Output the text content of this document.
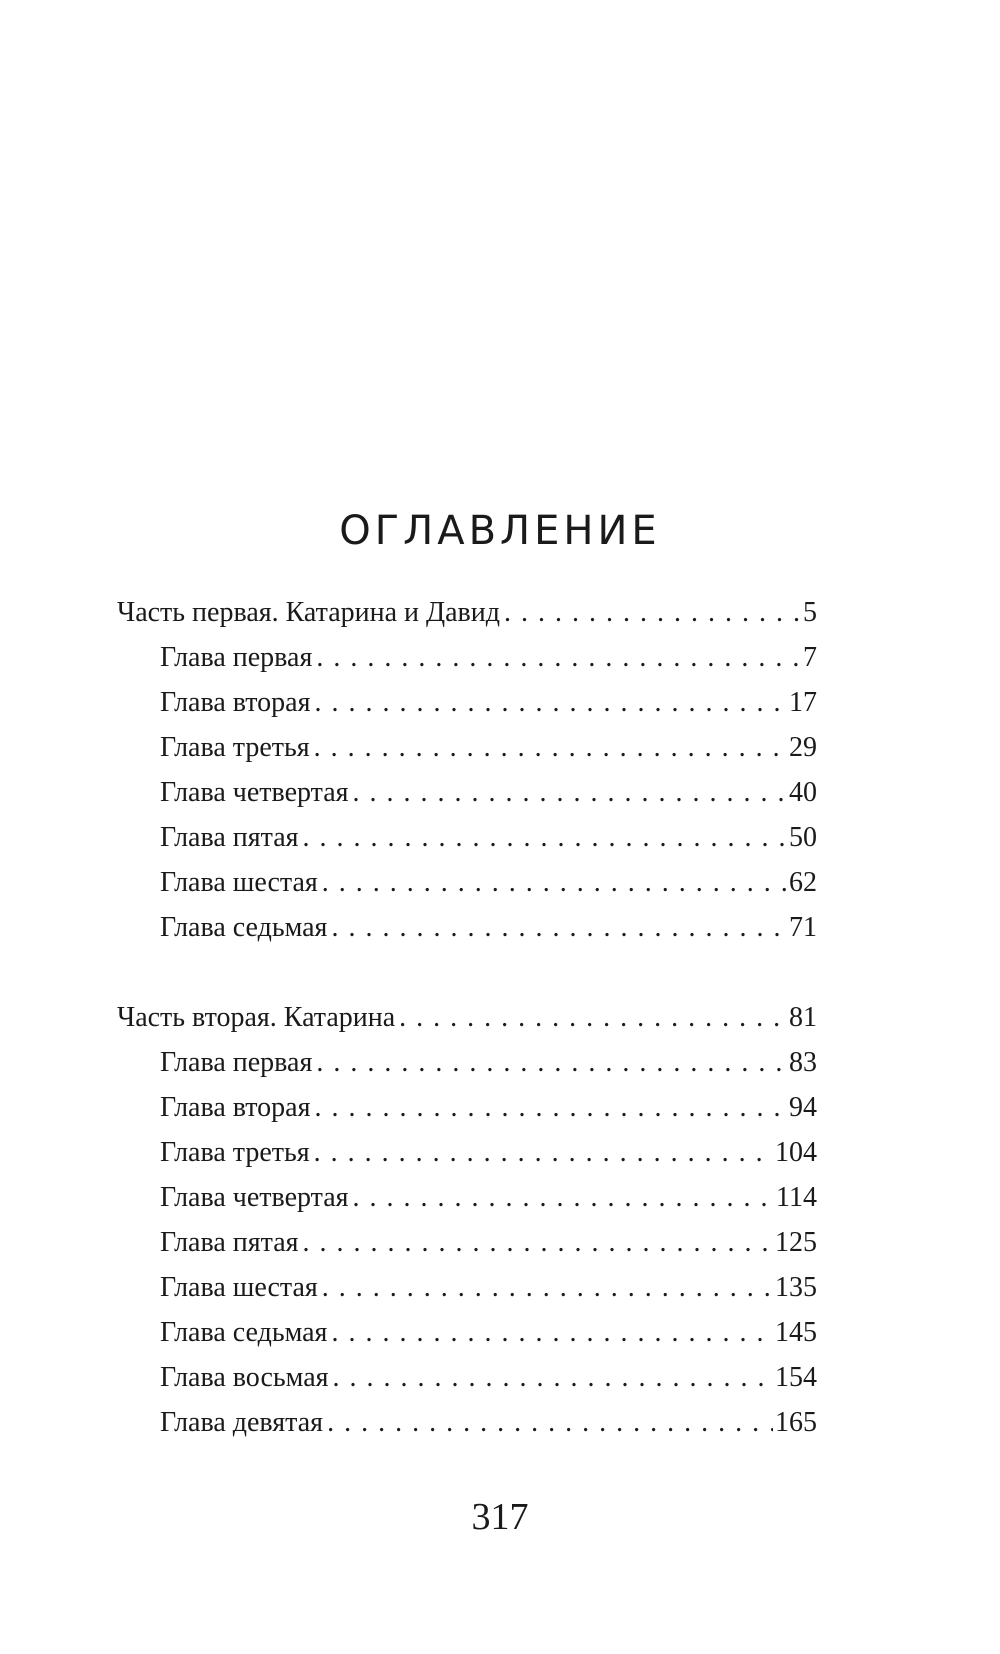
ОГЛАВЛЕНИЕ
Часть первая. Катарина и Давид . . .	5
Глава первая . . .	7
Глава вторая . . .	17
Глава третья . . .	29
Глава четвертая . . .	40
Глава пятая . . .	50
Глава шестая . . .	62
Глава седьмая . . .	71
Часть вторая. Катарина . . .	81
Глава первая . . .	83
Глава вторая . . .	94
Глава третья . . .	104
Глава четвертая . . .	114
Глава пятая . . .	125
Глава шестая . . .	135
Глава седьмая . . .	145
Глава восьмая . . .	154
Глава девятая . . .	165
317
